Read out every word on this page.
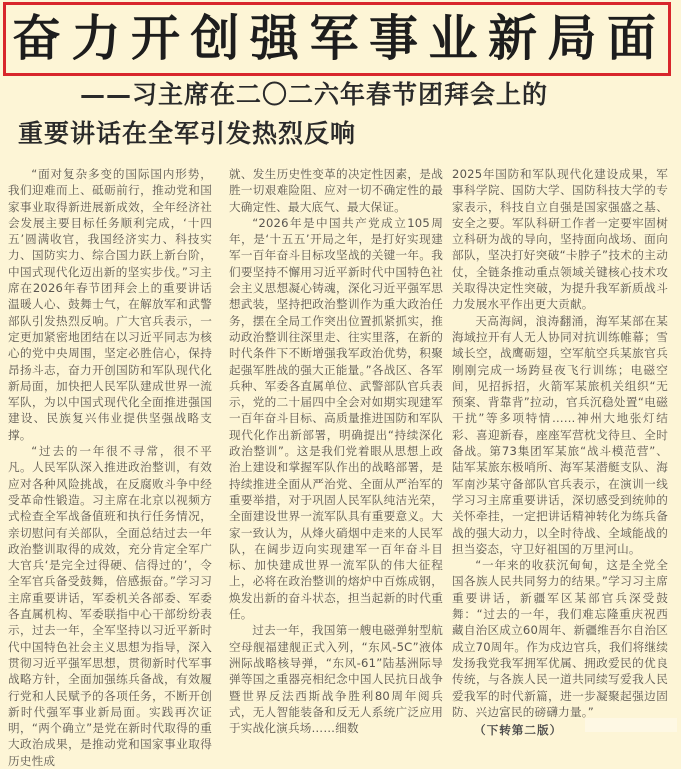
奋力开创强军事业新局面
——习主席在二〇二六年春节团拜会上的
重要讲话在全军引发热烈反响

“面对复杂多变的国际国内形势，我们迎难而上、砥砺前行，推动党和国家事业取得新进展新成效，全年经济社会发展主要目标任务顺利完成，‘十四五’圆满收官，我国经济实力、科技实力、国防实力、综合国力跃上新台阶，中国式现代化迈出新的坚实步伐。”习主席在2026年春节团拜会上的重要讲话温暖人心、鼓舞士气，在解放军和武警部队引发热烈反响。广大官兵表示，一定更加紧密地团结在以习近平同志为核心的党中央周围，坚定必胜信心，保持昂扬斗志，奋力开创国防和军队现代化新局面，加快把人民军队建成世界一流军队，为以中国式现代化全面推进强国建设、民族复兴伟业提供坚强战略支撑。

“过去的一年很不寻常，很不平凡。人民军队深入推进政治整训，有效应对各种风险挑战，在反腐败斗争中经受革命性锻造。习主席在北京以视频方式检查全军战备值班和执行任务情况，亲切慰问有关部队，全面总结过去一年政治整训取得的成效，充分肯定全军广大官兵‘是完全过得硬、信得过的’，令全军官兵备受鼓舞，倍感振奋。”学习习主席重要讲话，军委机关各部委、军委各直属机构、军委联指中心干部纷纷表示，过去一年，全军坚持以习近平新时代中国特色社会主义思想为指导，深入贯彻习近平强军思想，贯彻新时代军事战略方针，全面加强练兵备战，有效履行党和人民赋予的各项任务，不断开创新时代强军事业新局面。实践再次证明，“两个确立”是党在新时代取得的重大政治成果，是推动党和国家事业取得历史性成

就、发生历史性变革的决定性因素，是战胜一切艰难险阻、应对一切不确定性的最大确定性、最大底气、最大保证。

“2026年是中国共产党成立105周年，是‘十五五’开局之年，是打好实现建军一百年奋斗目标攻坚战的关键一年。我们要坚持不懈用习近平新时代中国特色社会主义思想凝心铸魂，深化习近平强军思想武装，坚持把政治整训作为重大政治任务，摆在全局工作突出位置抓紧抓实，推动政治整训往深里走、往实里落，在新的时代条件下不断增强我军政治优势，积聚起强军胜战的强大正能量。”各战区、各军兵种、军委各直属单位、武警部队官兵表示，党的二十届四中全会对如期实现建军一百年奋斗目标、高质量推进国防和军队现代化作出新部署，明确提出“持续深化政治整训”。这是我们党着眼从思想上政治上建设和掌握军队作出的战略部署，是持续推进全面从严治党、全面从严治军的重要举措，对于巩固人民军队纯洁光荣，全面建设世界一流军队具有重要意义。大家一致认为，从烽火硝烟中走来的人民军队，在阔步迈向实现建军一百年奋斗目标、加快建成世界一流军队的伟大征程上，必将在政治整训的熔炉中百炼成钢，焕发出新的奋斗状态，担当起新的时代重任。

过去一年，我国第一艘电磁弹射型航空母舰福建舰正式入列，“东风-5C”液体洲际战略核导弹，“东风-61”陆基洲际导弹等国之重器亮相纪念中国人民抗日战争暨世界反法西斯战争胜利80周年阅兵式，无人智能装备和反无人系统广泛应用于实战化演兵场……细数

2025年国防和军队现代化建设成果，军事科学院、国防大学、国防科技大学的专家表示，科技自立自强是国家强盛之基、安全之要。军队科研工作者一定要牢固树立科研为战的导向，坚持面向战场、面向部队，坚决打好突破“卡脖子”技术的主动仗，全链条推动重点领域关键核心技术攻关取得决定性突破，为提升我军新质战斗力发展水平作出更大贡献。

天高海阔，浪涛翻涌，海军某部在某海域拉开有人无人协同对抗训练帷幕；雪域长空，战鹰砺翅，空军航空兵某旅官兵刚刚完成一场跨昼夜飞行训练；电磁空间，见招拆招，火箭军某旅机关组织“无预案、背靠背”拉动，官兵沉稳处置“电磁干扰”等多项特情……神州大地张灯结彩、喜迎新春，座座军营枕戈待旦、全时备战。第73集团军某旅“战斗模范营”、陆军某旅东极哨所、海军某潜艇支队、海军南沙某守备部队官兵表示，在演训一线学习习主席重要讲话，深切感受到统帅的关怀牵挂，一定把讲话精神转化为练兵备战的强大动力，以全时待战、全域能战的担当姿态，守卫好祖国的万里河山。

“一年来的收获沉甸甸，这是全党全国各族人民共同努力的结果。”学习习主席重要讲话，新疆军区某部官兵深受鼓舞：“过去的一年，我们难忘隆重庆祝西藏自治区成立60周年、新疆维吾尔自治区成立70周年。作为戍边官兵，我们将继续发扬我党我军拥军优属、拥政爱民的优良传统，与各族人民一道共同续写爱我人民爱我军的时代新篇，进一步凝聚起强边固防、兴边富民的磅礴力量。”

（下转第二版）
